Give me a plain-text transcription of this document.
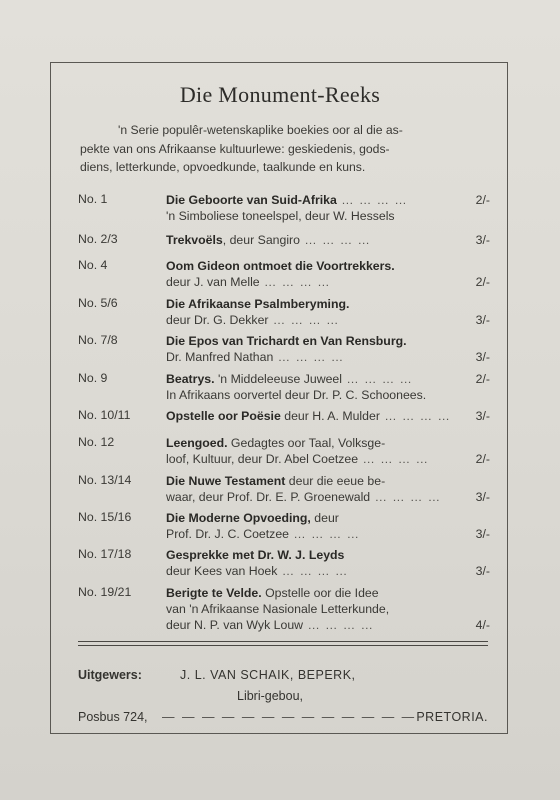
Die Monument-Reeks
'n Serie populêr-wetenskaplike boekies oor al die as-
pekte van ons Afrikaanse kultuurlewe: geskiedenis, gods-
diens, letterkunde, opvoedkunde, taalkunde en kuns.
No. 1	Die Geboorte van Suid-Afrika … … … …	2/-
'n Simboliese toneelspel, deur W. Hessels
No. 2/3	Trekvoëls, deur Sangiro … … … …	3/-
No. 4	Oom Gideon ontmoet die Voortrekkers.
deur J. van Melle … … … …	2/-
No. 5/6	Die Afrikaanse Psalmberyming.
deur Dr. G. Dekker … … … …	3/-
No. 7/8	Die Epos van Trichardt en Van Rensburg.
Dr. Manfred Nathan … … … …	3/-
No. 9	Beatrys. 'n Middeleeuse Juweel … … … …	2/-
In Afrikaans oorvertel deur Dr. P. C. Schoonees.
No. 10/11	Opstelle oor Poësie deur H. A. Mulder … … … … 3/-
No. 12	Leengoed. Gedagtes oor Taal, Volksge-
loof, Kultuur, deur Dr. Abel Coetzee … … … …	2/-
No. 13/14	Die Nuwe Testament deur die eeue be-
waar, deur Prof. Dr. E. P. Groenewald … … … …	3/-
No. 15/16	Die Moderne Opvoeding, deur
Prof. Dr. J. C. Coetzee … … … …	3/-
No. 17/18	Gesprekke met Dr. W. J. Leyds
deur Kees van Hoek … … … …	3/-
No. 19/21	Berigte te Velde. Opstelle oor die Idee
van 'n Afrikaanse Nasionale Letterkunde,
deur N. P. van Wyk Louw … … … …	4/-
Uitgewers:	J. L. VAN SCHAIK, BEPERK,
Libri-gebou,
Posbus 724, — — — — — — — — — — — — — PRETORIA.
